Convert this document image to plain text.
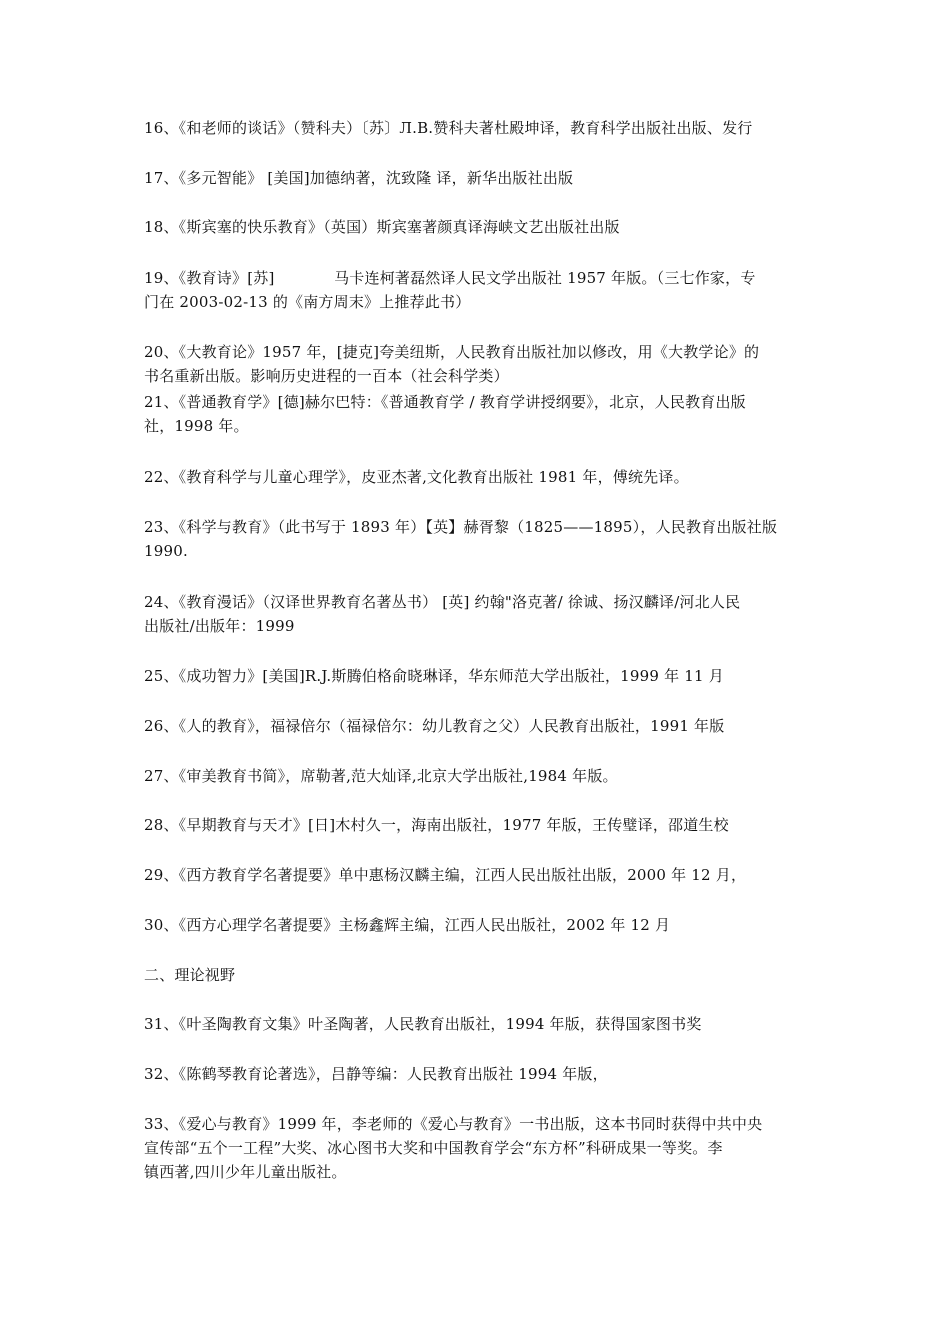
16、《和老师的谈话》（赞科夫）〔苏〕Л.В.赞科夫著杜殿坤译，教育科学出版社出版、发行
17、《多元智能》 [美国]加德纳著，沈致隆 译，新华出版社出版
18、《斯宾塞的快乐教育》（英国）斯宾塞著颜真译海峡文艺出版社出版
19、《教育诗》[苏]            马卡连柯著磊然译人民文学出版社 1957 年版。（三七作家，专
门在 2003-02-13 的《南方周末》上推荐此书）
20、《大教育论》1957 年，[捷克]夸美纽斯，人民教育出版社加以修改，用《大教学论》的
书名重新出版。影响历史进程的一百本（社会科学类）
21、《普通教育学》[德]赫尔巴特：《普通教育学 / 教育学讲授纲要》，北京，人民教育出版
社，1998 年。
22、《教育科学与儿童心理学》，皮亚杰著,文化教育出版社 1981 年，傅统先译。
23、《科学与教育》（此书写于 1893 年）【英】赫胥黎（1825——1895），人民教育出版社版
1990.
24、《教育漫话》（汉译世界教育名著丛书） [英] 约翰"洛克著/ 徐诚、扬汉麟译/河北人民
出版社/出版年：1999
25、《成功智力》[美国]R.J.斯腾伯格俞晓琳译，华东师范大学出版社，1999 年 11 月
26、《人的教育》，福禄倍尔（福禄倍尔：幼儿教育之父）人民教育出版社，1991 年版
27、《审美教育书简》，席勒著,范大灿译,北京大学出版社,1984 年版。
28、《早期教育与天才》[日]木村久一，海南出版社，1977 年版，王传璧译，邵道生校
29、《西方教育学名著提要》单中惠杨汉麟主编，江西人民出版社出版，2000 年 12 月，
30、《西方心理学名著提要》主杨鑫辉主编，江西人民出版社，2002 年 12 月
二、理论视野
31、《叶圣陶教育文集》叶圣陶著，人民教育出版社，1994 年版，获得国家图书奖
32、《陈鹤琴教育论著选》，吕静等编：人民教育出版社 1994 年版，
33、《爱心与教育》1999 年，李老师的《爱心与教育》一书出版，这本书同时获得中共中央
宣传部“五个一工程”大奖、冰心图书大奖和中国教育学会“东方杯”科研成果一等奖。李
镇西著,四川少年儿童出版社。
